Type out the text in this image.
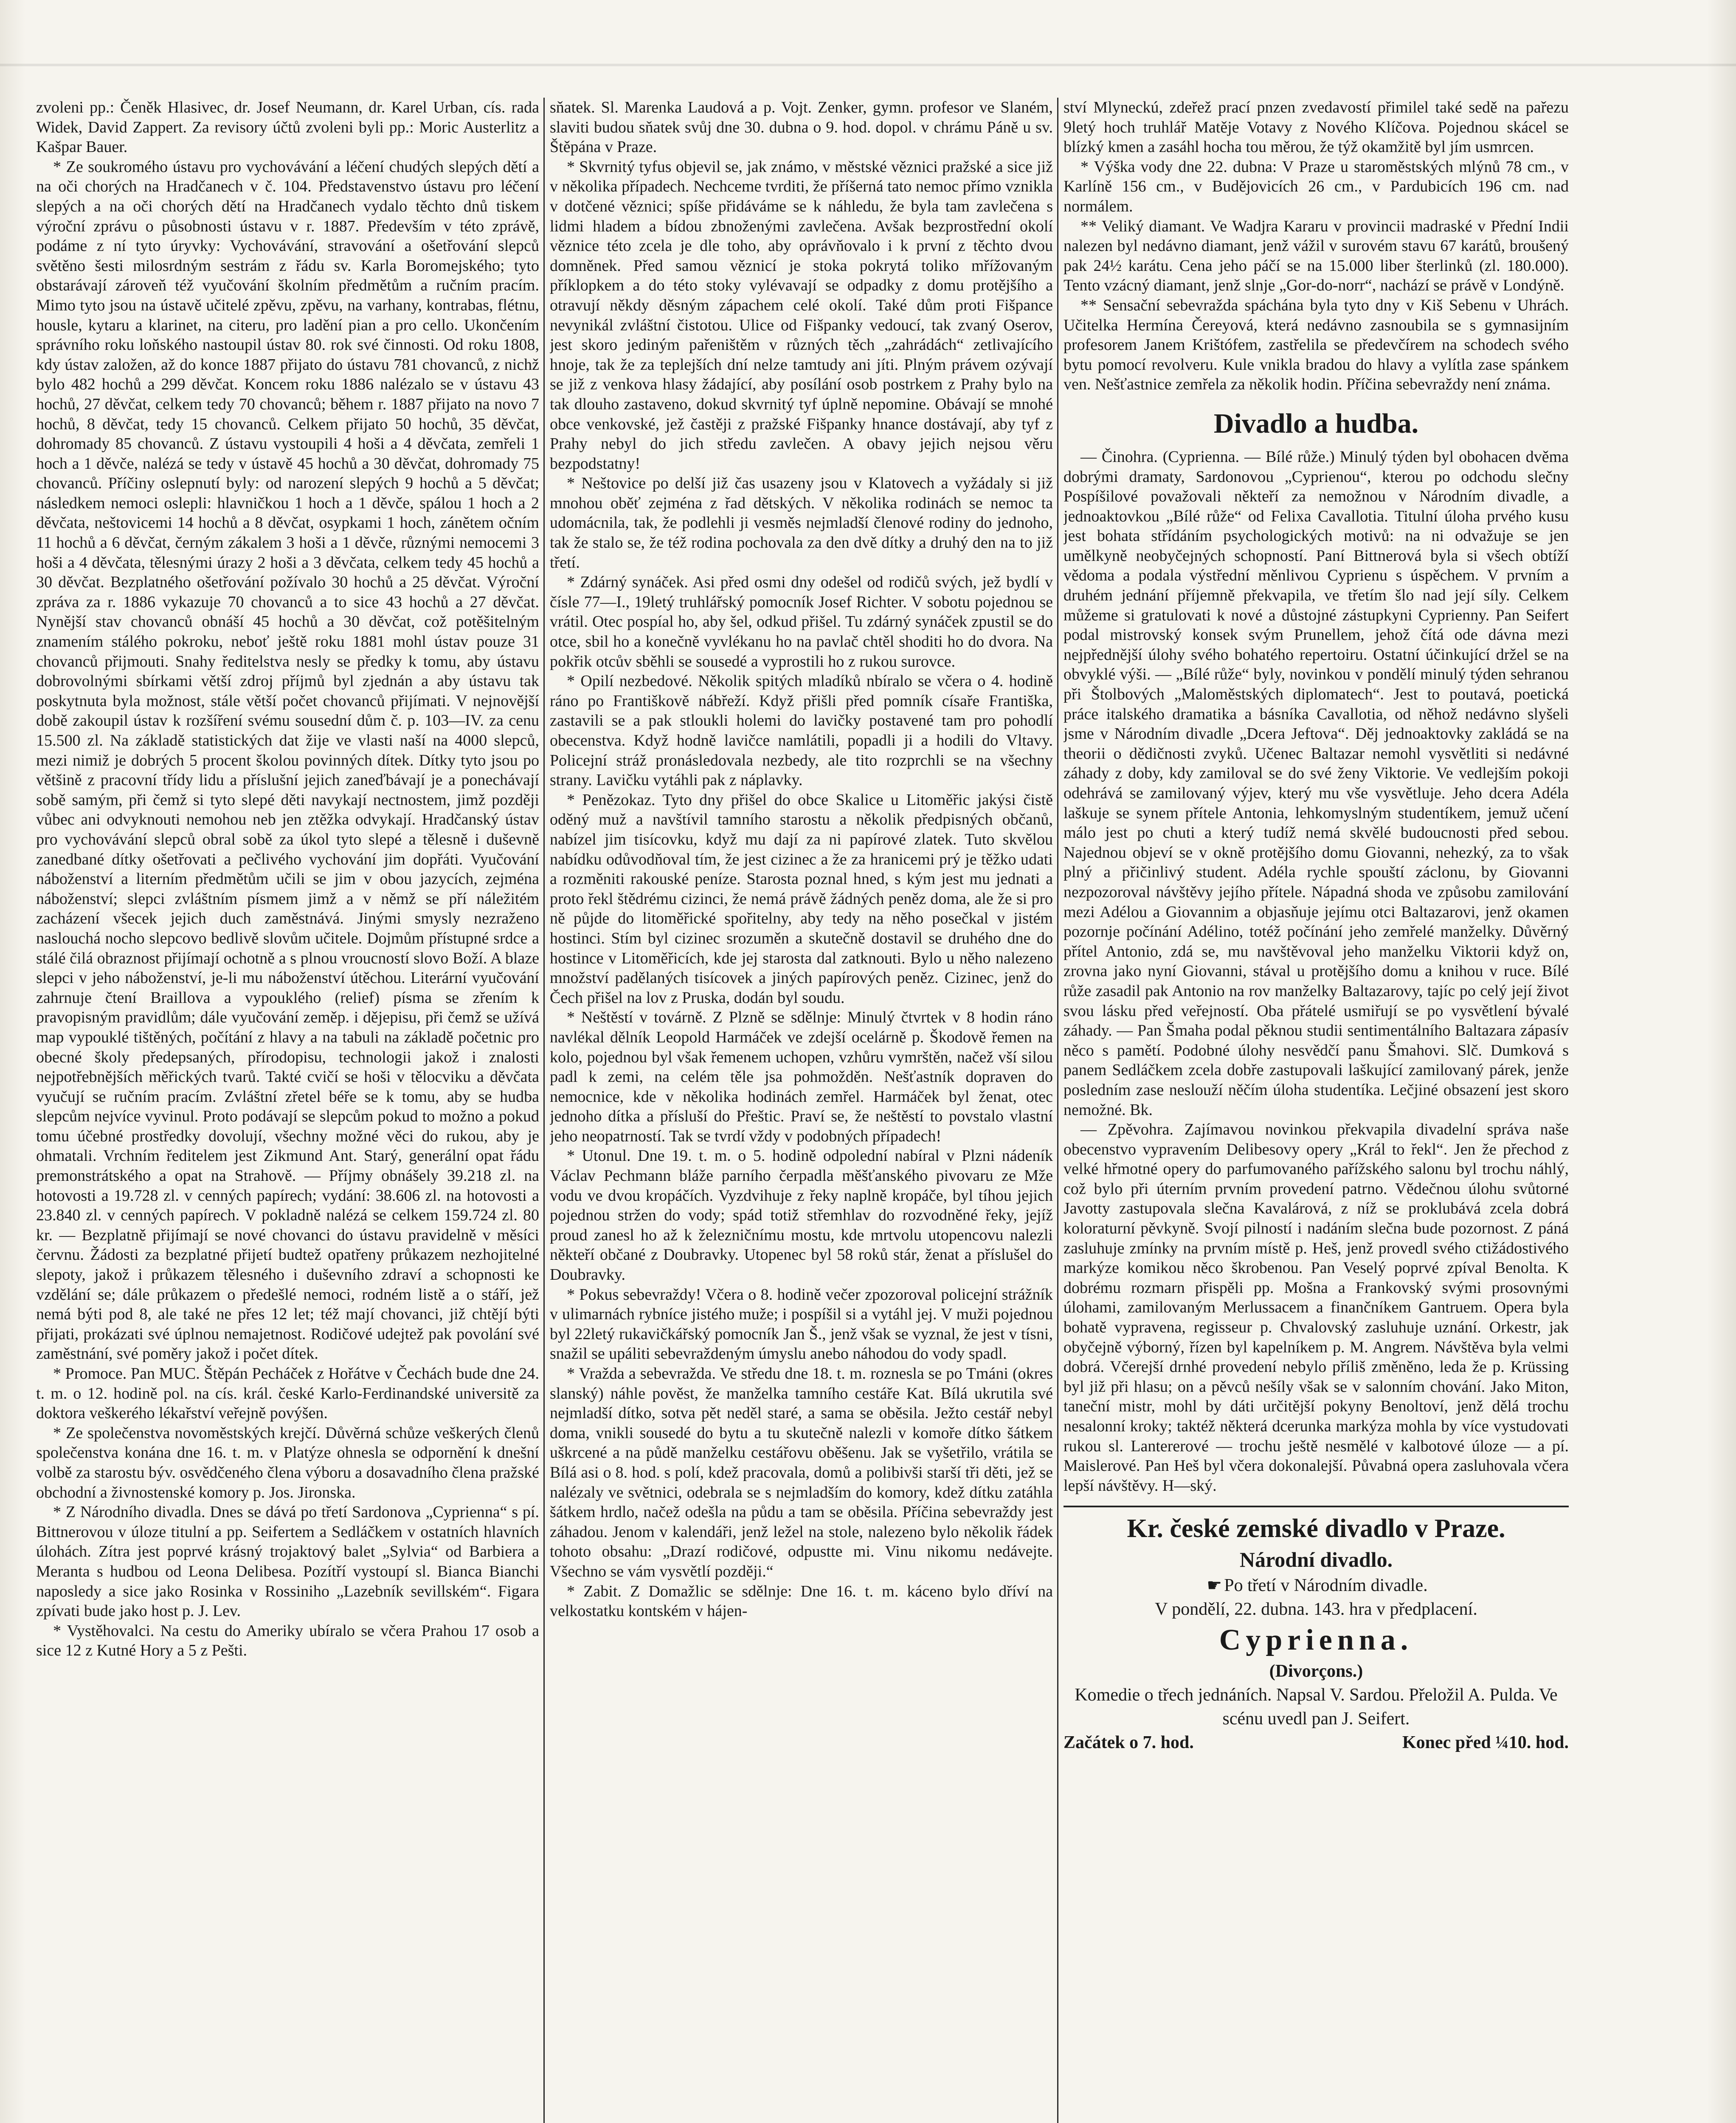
zvoleni pp.: Čeněk Hlasivec, dr. Josef Neumann, dr. Karel Urban, cís. rada Widek, David Zappert. Za revisory účtů zvoleni byli pp.: Moric Austerlitz a Kašpar Bauer.

* Ze soukromého ústavu pro vychovávání a léčení chudých slepých dětí a na oči chorých na Hradčanech v č. 104. Představenstvo ústavu pro léčení slepých a na oči chorých dětí na Hradčanech vydalo těchto dnů tiskem výroční zprávu o působnosti ústavu v r. 1887. Především v této zprávě, podáme z ní tyto úryvky: Vychovávání, stravování a ošetřování slepců světěno šesti milosrdným sestrám z řádu sv. Karla Boromejského; tyto obstarávají zároveň též vyučování školním předmětům a ručním pracím. Mimo tyto jsou na ústavě učitelé zpěvu, zpěvu, na varhany, kontrabas, flétnu, housle, kytaru a klarinet, na citeru, pro ladění pian a pro cello. Ukončením správního roku loňského nastoupil ústav 80. rok své činnosti. Od roku 1808, kdy ústav založen, až do konce 1887 přijato do ústavu 781 chovanců, z nichž bylo 482 hochů a 299 děvčat. Koncem roku 1886 nalézalo se v ústavu 43 hochů, 27 děvčat, celkem tedy 70 chovanců; během r. 1887 přijato na novo 7 hochů, 8 děvčat, tedy 15 chovanců. Celkem přijato 50 hochů, 35 děvčat, dohromady 85 chovanců. Z ústavu vystoupili 4 hoši a 4 děvčata, zemřeli 1 hoch a 1 děvče, nalézá se tedy v ústavě 45 hochů a 30 děvčat, dohromady 75 chovanců. Příčiny oslepnutí byly: od narození slepých 9 hochů a 5 děvčat; následkem nemoci oslepli: hlavničkou 1 hoch a 1 děvče, spálou 1 hoch a 2 děvčata, neštovicemi 14 hochů a 8 děvčat, osypkami 1 hoch, zánětem očním 11 hochů a 6 děvčat, černým zákalem 3 hoši a 1 děvče, různými nemocemi 3 hoši a 4 děvčata, tělesnými úrazy 2 hoši a 3 děvčata, celkem tedy 45 hochů a 30 děvčat. Bezplatného ošetřování požívalo 30 hochů a 25 děvčat. Výroční zpráva za r. 1886 vykazuje 70 chovanců a to sice 43 hochů a 27 děvčat. Nynější stav chovanců obnáší 45 hochů a 30 děvčat, což potěšitelným znamením stálého pokroku, neboť ještě roku 1881 mohl ústav pouze 31 chovanců přijmouti. Snahy ředitelstva nesly se předky k tomu, aby ústavu dobrovolnými sbírkami větší zdroj příjmů byl zjednán a aby ústavu tak poskytnuta byla možnost, stále větší počet chovanců přijímati. V nejnovější době zakoupil ústav k rozšíření svému sousední dům č. p. 103—IV. za cenu 15.500 zl. Na základě statistických dat žije ve vlasti naší na 4000 slepců, mezi nimiž je dobrých 5 procent školou povinných dítek. Dítky tyto jsou po většině z pracovní třídy lidu a příslušní jejich zaneďbávají je a ponechávají sobě samým, při čemž si tyto slepé děti navykají nectnostem, jimž později vůbec ani odvyknouti nemohou neb jen ztěžka odvykají. Hradčanský ústav pro vychovávání slepců obral sobě za úkol tyto slepé a tělesně i duševně zanedbané dítky ošetřovati a pečlivého vychování jim dopřáti. Vyučování náboženství a literním předmětům učili se jim v obou jazycích, zejména náboženství; slepci zvláštním písmem jimž a v němž se pří náležitém zacházení všecek jejich duch zaměstnává. Jinými smysly nezraženo naslouchá nocho slepcovo bedlivě slovům učitele. Dojmům přístupné srdce a stálé čilá obraznost přijímají ochotně a s plnou vroucností slovo Boží. A blaze slepci v jeho náboženství, je-li mu náboženství útěchou. Literární vyučování zahrnuje čtení Braillova a vypouklého (relief) písma se zřením k pravopisným pravidlům; dále vyučování zeměp. i dějepisu, při čemž se užívá map vypouklé tištěných, počítání z hlavy a na tabuli na základě početnic pro obecné školy předepsaných, přírodopisu, technologii jakož i znalosti nejpotřebnějších měřických tvarů. Takté cvičí se hoši v tělocviku a děvčata vyučují se ručním pracím. Zvláštní zřetel béře se k tomu, aby se hudba slepcům nejvíce vyvinul. Proto podávají se slepcům pokud to možno a pokud tomu účebné prostředky dovolují, všechny možné věci do rukou, aby je ohmatali. Vrchním ředitelem jest Zikmund Ant. Starý, generální opat řádu premonstrátského a opat na Strahově. — Příjmy obnášely 39.218 zl. na hotovosti a 19.728 zl. v cenných papírech; vydání: 38.606 zl. na hotovosti a 23.840 zl. v cenných papírech. V pokladně nalézá se celkem 159.724 zl. 80 kr. — Bezplatně přijímají se nové chovanci do ústavu pravidelně v měsíci červnu. Žádosti za bezplatné přijetí budtež opatřeny průkazem nezhojitelné slepoty, jakož i průkazem tělesného i duševního zdraví a schopnosti ke vzdělání se; dále průkazem o předešlé nemoci, rodném listě a o stáří, jež nemá býti pod 8, ale také ne přes 12 let; též mají chovanci, již chtějí býti přijati, prokázati své úplnou nemajetnost. Rodičové udejtež pak povolání své zaměstnání, své poměry jakož i počet dítek.

* Promoce. Pan MUC. Štěpán Pecháček z Hořátve v Čechách bude dne 24. t. m. o 12. hodině pol. na cís. král. české Karlo-Ferdinandské universitě za doktora veškerého lékařství veřejně povýšen.

* Ze společenstva novoměstských krejčí. Důvěrná schůze veškerých členů společenstva konána dne 16. t. m. v Platýze ohnesla se odpornění k dnešní volbě za starostu býv. osvědčeného člena výboru a dosavadního člena pražské obchodní a živnostenské komory p. Jos. Jironska.

* Z Národního divadla. Dnes se dává po třetí Sardonova „Cyprienna“ s pí. Bittnerovou v úloze titulní a pp. Seifertem a Sedláčkem v ostatních hlavních úlohách. Zítra jest poprvé krásný trojaktový balet „Sylvia“ od Barbiera a Meranta s hudbou od Leona Delibesa. Pozítří vystoupí sl. Bianca Bianchi naposledy a sice jako Rosinka v Rossiniho „Lazebník sevillském“. Figara zpívati bude jako host p. J. Lev.

* Vystěhovalci. Na cestu do Ameriky ubíralo se včera Prahou 17 osob a sice 12 z Kutné Hory a 5 z Pešti.

sňatek. Sl. Marenka Laudová a p. Vojt. Zenker, gymn. profesor ve Slaném, slaviti budou sňatek svůj dne 30. dubna o 9. hod. dopol. v chrámu Páně u sv. Štěpána v Praze.

* Skvrnitý tyfus objevil se, jak známo, v městské věznici pražské a sice již v několika případech. Nechceme tvrditi, že příšerná tato nemoc přímo vznikla v dotčené věznici; spíše přidáváme se k náhledu, že byla tam zavlečena s lidmi hladem a bídou zbnoženými zavlečena. Avšak bezprostřední okolí věznice této zcela je dle toho, aby oprávňovalo i k první z těchto dvou domněnek. Před samou věznicí je stoka pokrytá toliko mřížovaným příklopkem a do této stoky vylévavají se odpadky z domu protějšího a otravují někdy děsným zápachem celé okolí. Také dům proti Fišpance nevynikál zvláštní čistotou. Ulice od Fišpanky vedoucí, tak zvaný Oserov, jest skoro jediným pařeništěm v různých těch „zahrádách“ zetlivajícího hnoje, tak že za teplejších dní nelze tamtudy ani jíti. Plným právem ozývají se již z venkova hlasy žádající, aby posílání osob postrkem z Prahy bylo na tak dlouho zastaveno, dokud skvrnitý tyf úplně nepomine. Obávají se mnohé obce venkovské, jež častěji z pražské Fišpanky hnance dostávají, aby tyf z Prahy nebyl do jich středu zavlečen. A obavy jejich nejsou věru bezpodstatny!

* Neštovice po delší již čas usazeny jsou v Klatovech a vyžádaly si již mnohou oběť zejména z řad dětských. V několika rodinách se nemoc ta udomácnila, tak, že podlehli ji vesměs nejmladší členové rodiny do jednoho, tak že stalo se, že též rodina pochovala za den dvě dítky a druhý den na to již třetí.

* Zdárný synáček. Asi před osmi dny odešel od rodičů svých, jež bydlí v čísle 77—I., 19letý truhlářský pomocník Josef Richter. V sobotu pojednou se vrátil. Otec pospíal ho, aby šel, odkud přišel. Tu zdárný synáček zpustil se do otce, sbil ho a konečně vyvlékanu ho na pavlač chtěl shoditi ho do dvora. Na pokřik otcův sběhli se sousedé a vyprostili ho z rukou surovce.

* Opilí nezbedové. Několik spitých mladíků nbíralo se včera o 4. hodině ráno po Františkově nábřeží. Když přišli před pomník císaře Františka, zastavili se a pak stloukli holemi do lavičky postavené tam pro pohodlí obecenstva. Když hodně lavičce namlátili, popadli ji a hodili do Vltavy. Policejní stráž pronásledovala nezbedy, ale tito rozprchli se na všechny strany. Lavičku vytáhli pak z náplavky.

* Penězokaz. Tyto dny přišel do obce Skalice u Litoměřic jakýsi čistě oděný muž a navštívil tamního starostu a několik předpisných občanů, nabízel jim tisícovku, když mu dají za ni papírové zlatek. Tuto skvělou nabídku odůvodňoval tím, že jest cizinec a že za hranicemi prý je těžko udati a rozměniti rakouské peníze. Starosta poznal hned, s kým jest mu jednati a proto řekl štědrému cizinci, že nemá právě žádných peněz doma, ale že si pro ně půjde do litoměřické spořitelny, aby tedy na něho posečkal v jistém hostinci. Stím byl cizinec srozuměn a skutečně dostavil se druhého dne do hostince v Litoměřicích, kde jej starosta dal zatknouti. Bylo u něho nalezeno množství padělaných tisícovek a jiných papírových peněz. Cizinec, jenž do Čech přišel na lov z Pruska, dodán byl soudu.

* Neštěstí v továrně. Z Plzně se sdělnje: Minulý čtvrtek v 8 hodin ráno navlékal dělník Leopold Harmáček ve zdejší ocelárně p. Škodově řemen na kolo, pojednou byl však řemenem uchopen, vzhůru vymrštěn, načež vší silou padl k zemi, na celém těle jsa pohmožděn. Nešťastník dopraven do nemocnice, kde v několika hodinách zemřel. Harmáček byl ženat, otec jednoho dítka a přísluší do Přeštic. Praví se, že neštěstí to povstalo vlastní jeho neopatrností. Tak se tvrdí vždy v podobných případech!

* Utonul. Dne 19. t. m. o 5. hodině odpolední nabíral v Plzni nádeník Václav Pechmann bláže parního čerpadla měšťanského pivovaru ze Mže vodu ve dvou kropáčích. Vyzdvihuje z řeky naplně kropáče, byl tíhou jejich pojednou stržen do vody; spád totiž střemhlav do rozvodněné řeky, jejíž proud zanesl ho až k železničnímu mostu, kde mrtvolu utopencovu nalezli někteří občané z Doubravky. Utopenec byl 58 roků stár, ženat a příslušel do Doubravky.

* Pokus sebevraždy! Včera o 8. hodině večer zpozoroval policejní strážník v ulimarnách rybníce jistého muže; i pospíšil si a vytáhl jej. V muži pojednou byl 22letý rukavičkářský pomocník Jan Š., jenž však se vyznal, že jest v tísni, snažil se upáliti sebevraždeným úmyslu anebo náhodou do vody spadl.

* Vražda a sebevražda. Ve středu dne 18. t. m. roznesla se po Tmáni (okres slanský) náhle pověst, že manželka tamního cestáře Kat. Bílá ukrutila své nejmladší dítko, sotva pět neděl staré, a sama se oběsila. Ježto cestář nebyl doma, vnikli sousedé do bytu a tu skutečně nalezli v komoře dítko šátkem uškrcené a na půdě manželku cestářovu oběšenu. Jak se vyšetřilo, vrátila se Bílá asi o 8. hod. s polí, kdež pracovala, domů a polibivši starší tři děti, jež se nalézaly ve světnici, odebrala se s nejmladším do komory, kdež dítku zatáhla šátkem hrdlo, načež odešla na půdu a tam se oběsila. Příčina sebevraždy jest záhadou. Jenom v kalendáři, jenž ležel na stole, nalezeno bylo několik řádek tohoto obsahu: „Drazí rodičové, odpustte mi. Vinu nikomu nedávejte. Všechno se vám vysvětlí později.“

* Zabit. Z Domažlic se sdělnje: Dne 16. t. m. káceno bylo dříví na velkostatku kontském v hájen-

ství Mlyneckú, zdeřež prací pnzen zvedavostí přimilel také sedě na pařezu 9letý hoch truhlář Matěje Votavy z Nového Klíčova. Pojednou skácel se blízký kmen a zasáhl hocha tou měrou, že týž okamžitě byl jím usmrcen.

* Výška vody dne 22. dubna: V Praze u staroměstských mlýnů 78 cm., v Karlíně 156 cm., v Budějovicích 26 cm., v Pardubicích 196 cm. nad normálem.

** Veliký diamant. Ve Wadjra Kararu v provincii madraské v Přední Indii nalezen byl nedávno diamant, jenž vážil v surovém stavu 67 karátů, broušený pak 24½ karátu. Cena jeho páčí se na 15.000 liber šterlinků (zl. 180.000). Tento vzácný diamant, jenž slnje „Gor-do-norr“, nachází se právě v Londýně.

** Sensační sebevražda spáchána byla tyto dny v Kiš Sebenu v Uhrách. Učitelka Hermína Čereyová, která nedávno zasnoubila se s gymnasijním profesorem Janem Krištófem, zastřelila se předevčírem na schodech svého bytu pomocí revolveru. Kule vnikla bradou do hlavy a vylítla zase spánkem ven. Nešťastnice zemřela za několik hodin. Příčina sebevraždy není známa.

Divadlo a hudba.

— Činohra. (Cyprienna. — Bílé růže.) Minulý týden byl obohacen dvěma dobrými dramaty, Sardonovou „Cyprienou“, kterou po odchodu slečny Pospíšilové považovali někteří za nemožnou v Národním divadle, a jednoaktovkou „Bílé růže“ od Felixa Cavallotia. Titulní úloha prvého kusu jest bohata střídáním psychologických motivů: na ni odvažuje se jen umělkyně neobyčejných schopností. Paní Bittnerová byla si všech obtíží vědoma a podala výstřední měnlivou Cyprienu s úspěchem. V prvním a druhém jednání příjemně překvapila, ve třetím šlo nad její síly. Celkem můžeme si gratulovati k nové a důstojné zástupkyni Cyprienny. Pan Seifert podal mistrovský konsek svým Prunellem, jehož čítá ode dávna mezi nejpřednější úlohy svého bohatého repertoiru. Ostatní účinkující držel se na obvyklé výši. — „Bílé růže“ byly, novinkou v pondělí minulý týden sehranou při Štolbových „Maloměstských diplomatech“. Jest to poutavá, poetická práce italského dramatika a básníka Cavallotia, od něhož nedávno slyšeli jsme v Národním divadle „Dcera Jeftova“. Děj jednoaktovky zakládá se na theorii o dědičnosti zvyků. Učenec Baltazar nemohl vysvětliti si nedávné záhady z doby, kdy zamiloval se do své ženy Viktorie. Ve vedlejším pokoji odehrává se zamilovaný výjev, který mu vše vysvětluje. Jeho dcera Adéla laškuje se synem přítele Antonia, lehkomyslným studentíkem, jemuž učení málo jest po chuti a který tudíž nemá skvělé budoucnosti před sebou. Najednou objeví se v okně protějšího domu Giovanni, nehezký, za to však plný a přičinlivý student. Adéla rychle spouští záclonu, by Giovanni nezpozoroval návštěvy jejího přítele. Nápadná shoda ve způsobu zamilování mezi Adélou a Giovannim a objasňuje jejímu otci Baltazarovi, jenž okamen pozornje počínání Adélino, totéž počínání jeho zemřelé manželky. Důvěrný přítel Antonio, zdá se, mu navštěvoval jeho manželku Viktorii když on, zrovna jako nyní Giovanni, stával u protějšího domu a knihou v ruce. Bílé růže zasadil pak Antonio na rov manželky Baltazarovy, tajíc po celý její život svou lásku před veřejností. Oba přátelé usmiřují se po vysvětlení bývalé záhady. — Pan Šmaha podal pěknou studii sentimentálního Baltazara zápasív něco s pamětí. Podobné úlohy nesvědčí panu Šmahovi. Slč. Dumková s panem Sedláčkem zcela dobře zastupovali laškující zamilovaný párek, jenže posledním zase neslouží něčím úloha studentíka. Lečjiné obsazení jest skoro nemožné. Bk.

— Zpěvohra. Zajímavou novinkou překvapila divadelní správa naše obecenstvo vypravením Delibesovy opery „Král to řekl“. Jen že přechod z velké hřmotné opery do parfumovaného pařížského salonu byl trochu náhlý, což bylo při úterním prvním provedení patrno. Vědečnou úlohu svůtorné Javotty zastupovala slečna Kavalárová, z níž se proklubává zcela dobrá koloraturní pěvkyně. Svojí pilností i nadáním slečna bude pozornost. Z páná zasluhuje zmínky na prvním místě p. Heš, jenž provedl svého ctižádostivého markýze komikou něco škrobenou. Pan Veselý poprvé zpíval Benolta. K dobrému rozmarn přispěli pp. Mošna a Frankovský svými prosovnými úlohami, zamilovaným Merlussacem a finančníkem Gantruem. Opera byla bohatě vypravena, regisseur p. Chvalovský zasluhuje uznání. Orkestr, jak obyčejně výborný, řízen byl kapelníkem p. M. Angrem. Návštěva byla velmi dobrá. Včerejší drnhé provedení nebylo příliš změněno, leda že p. Krüssing byl již při hlasu; on a pěvců nešíly však se v salonním chování. Jako Miton, taneční mistr, mohl by dáti určitější pokyny Benoltoví, jenž dělá trochu nesalonní kroky; taktéž některá dcerunka markýza mohla by více vystudovati rukou sl. Lantererové — trochu ještě nesmělé v kalbotové úloze — a pí. Maislerové. Pan Heš byl včera dokonalejší. Půvabná opera zasluhovala včera lepší návštěvy. H—ský.

Kr. české zemské divadlo v Praze.
Národní divadlo.
☛ Po třetí v Národním divadle.
V pondělí, 22. dubna. 143. hra v předplacení.
Cyprienna.
(Divorçons.)
Komedie o třech jednáních. Napsal V. Sardou. Přeložil A. Pulda. Ve scénu uvedl pan J. Seifert.
Začátek o 7. hod.	Konec před ¼10. hod.
